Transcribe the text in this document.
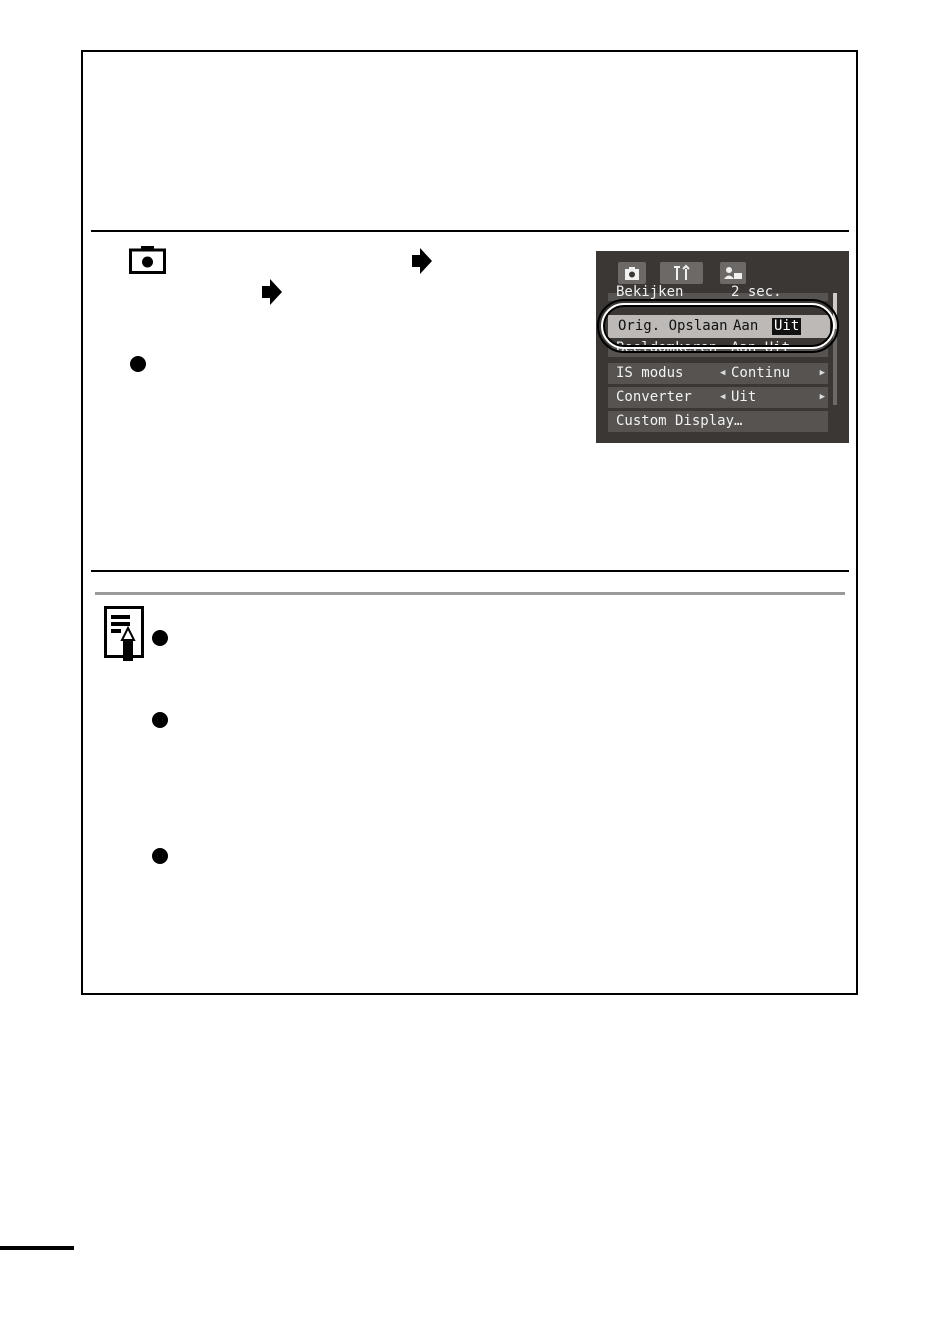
Bekijken	2 sec.
Orig. Opslaan Aan Uit
Beeldomkeren Aan Uit
IS modus	◀ Continu	▶
Converter	◀ Uit	▶
Custom Display…
